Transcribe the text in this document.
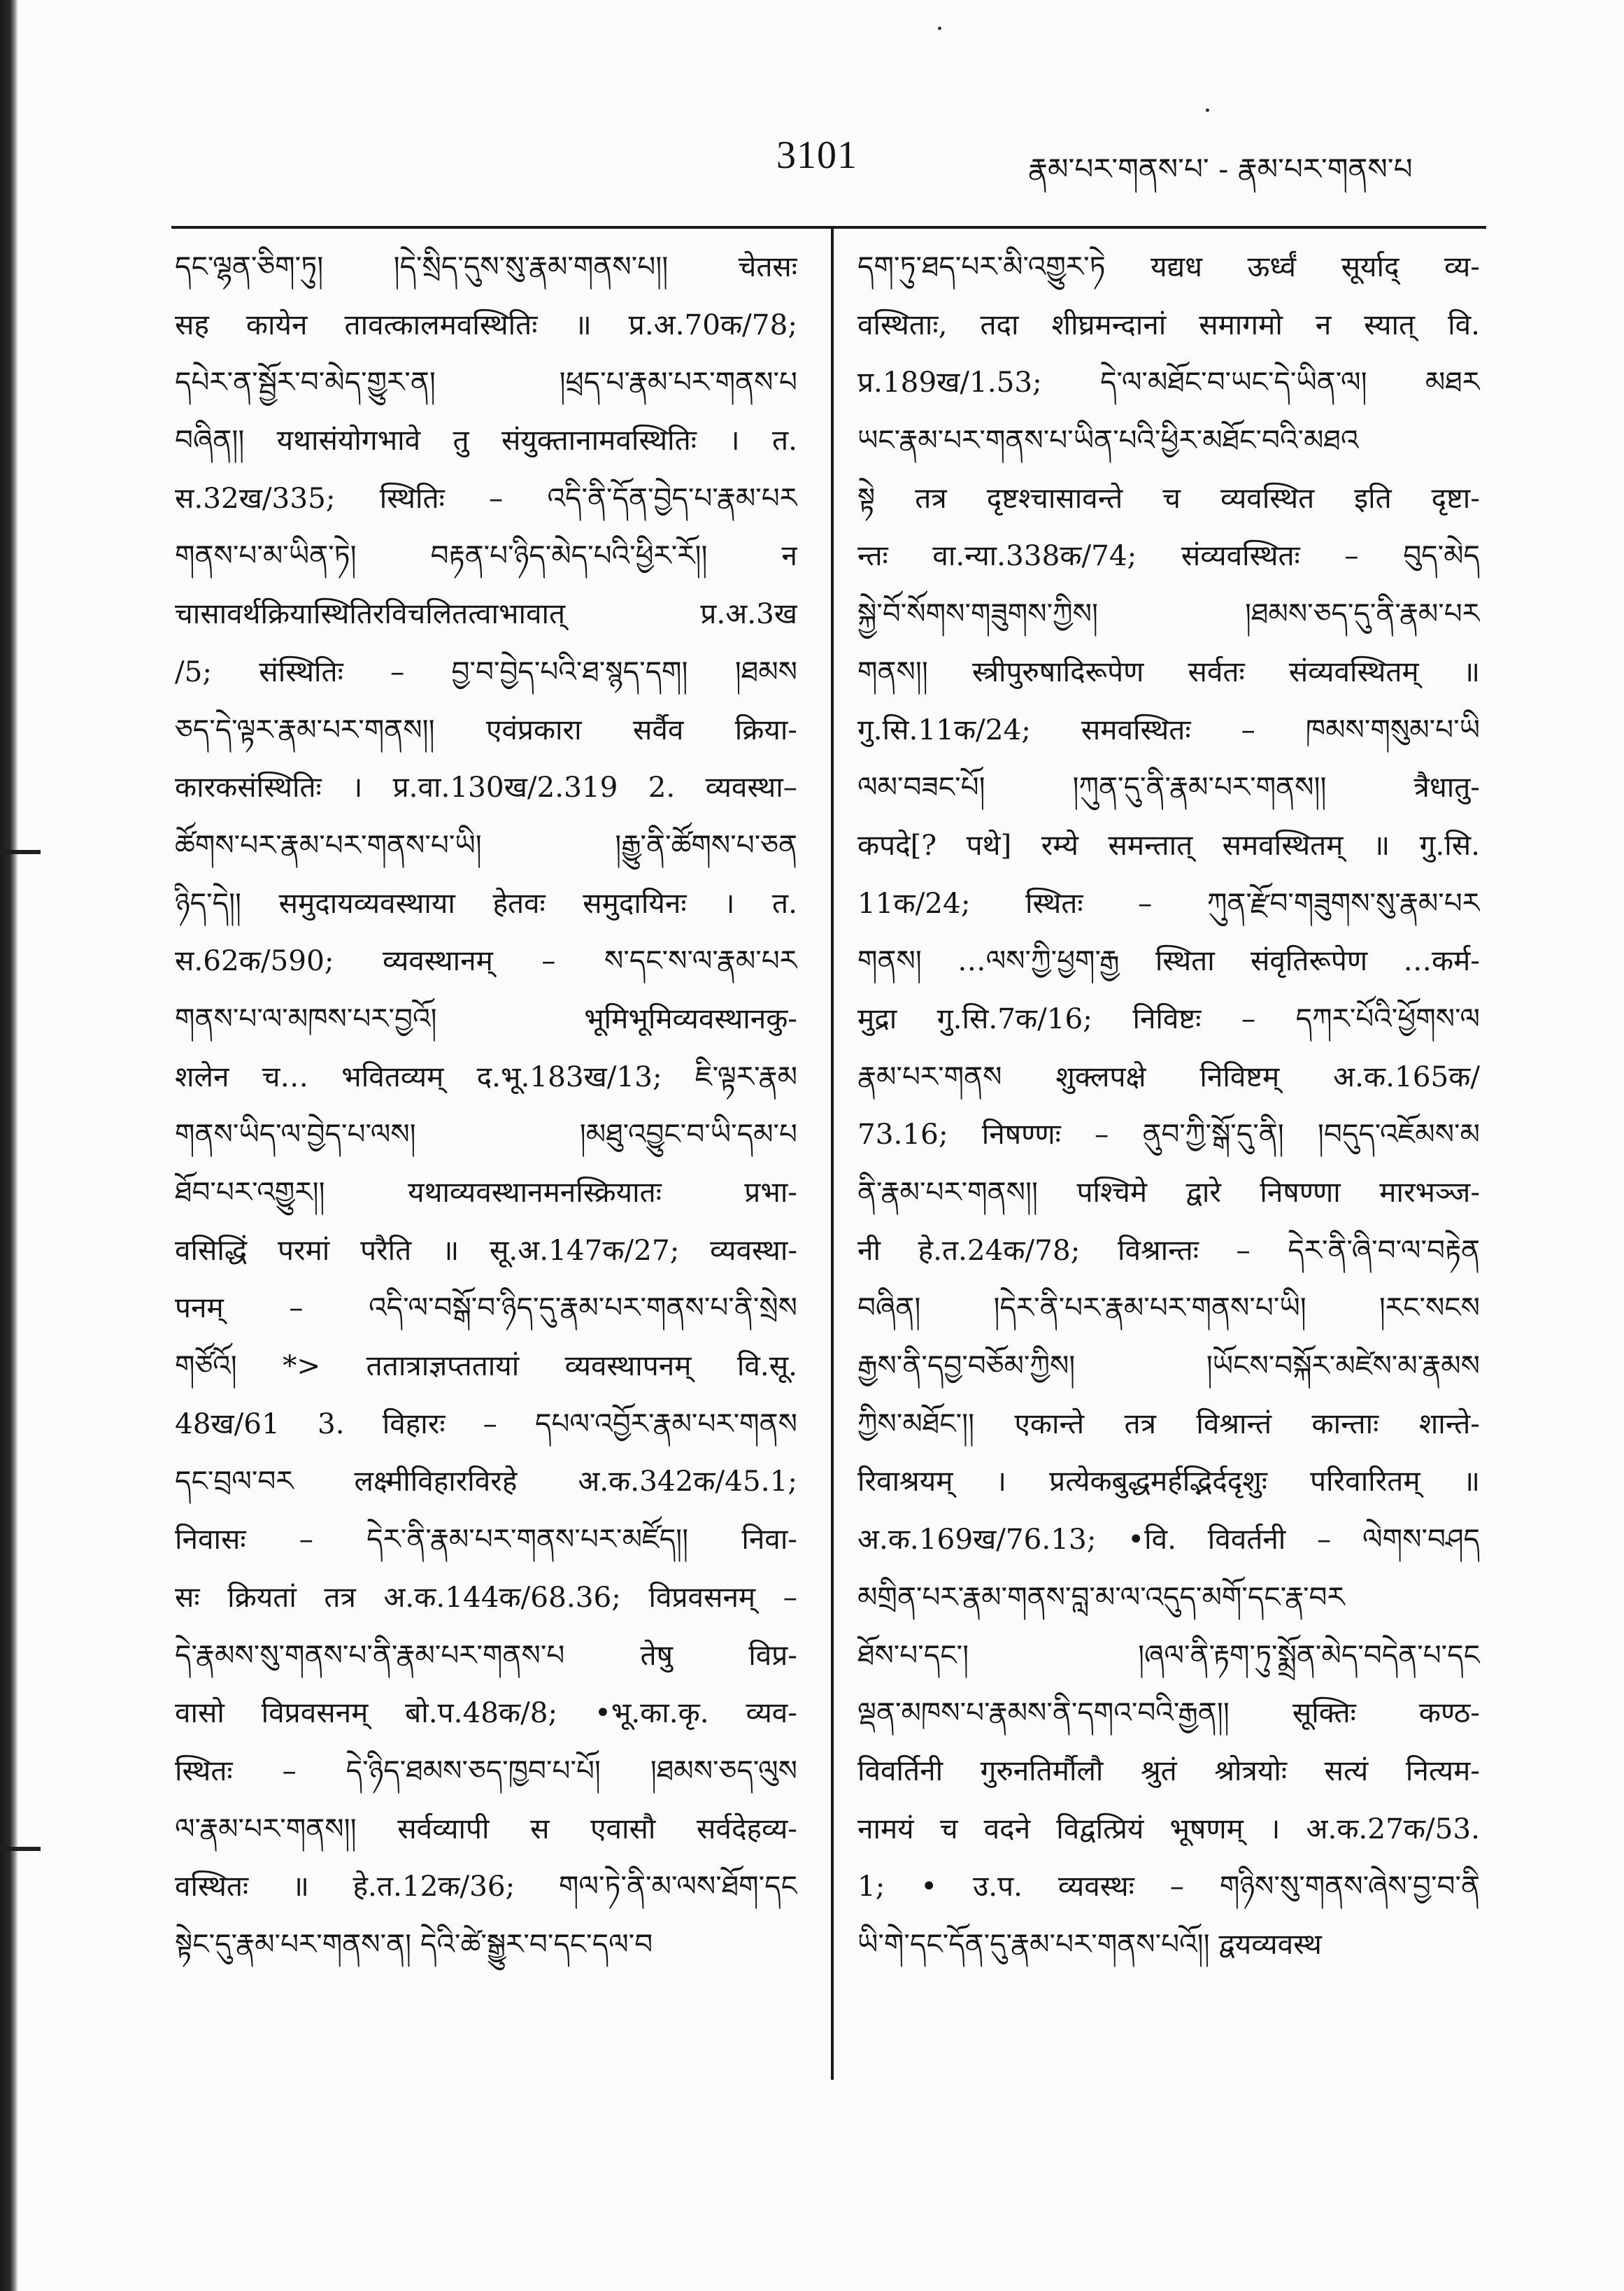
3101	རྣམ་པར་གནས་པ་ - རྣམ་པར་གནས་པ
དང་ལྷན་ཅིག་ཏུ། །དེ་སྲིད་དུས་སུ་རྣམ་གནས་པ།། चेतसः
सह कायेन तावत्कालमवस्थितिः ॥ प्र.अ.70क/78;
དཔེར་ན་སྦྱོར་བ་མེད་གྱུར་ན། །ཕྲད་པ་རྣམ་པར་གནས་པ
བཞིན།། यथासंयोगभावे तु संयुक्तानामवस्थितिः । त.
स.32ख/335; स्थितिः – འདི་ནི་དོན་བྱེད་པ་རྣམ་པར
གནས་པ་མ་ཡིན་ཏེ། བརྟན་པ་ཉིད་མེད་པའི་ཕྱིར་རོ།། न
चासावर्थक्रियास्थितिरविचलितत्वाभावात् प्र.अ.3ख
/5; संस्थितिः – བྱ་བ་བྱེད་པའི་ཐ་སྙད་དག། །ཐམས
ཅད་དེ་ལྟར་རྣམ་པར་གནས།། एवंप्रकारा सर्वैव क्रिया-
कारकसंस्थितिः । प्र.वा.130ख/2.319 2. व्यवस्था–
ཚོགས་པར་རྣམ་པར་གནས་པ་ཡི། །རྒྱུ་ནི་ཚོགས་པ་ཅན
ཉིད་དེ།། समुदायव्यवस्थाया हेतवः समुदायिनः । त.
स.62क/590; व्यवस्थानम् – ས་དང་ས་ལ་རྣམ་པར
གནས་པ་ལ་མཁས་པར་བྱའོ། भूमिभूमिव्यवस्थानकु-
शलेन च… भवितव्यम् द.भू.183ख/13; ཇི་ལྟར་རྣམ
གནས་ཡིད་ལ་བྱེད་པ་ལས། །མཐུ་འབྱུང་བ་ཡི་དམ་པ
ཐོབ་པར་འགྱུར།། यथाव्यवस्थानमनस्क्रियातः प्रभा-
वसिद्धिं परमां परैति ॥ सू.अ.147क/27; व्यवस्था-
पनम् – འདི་ལ་བསྒོ་བ་ཉིད་དུ་རྣམ་པར་གནས་པ་ནི་སྲེས
གཙོའོ། *> ततात्राज्ञप्ततायां व्यवस्थापनम् वि.सू.
48ख/61 3. विहारः – དཔལ་འབྱོར་རྣམ་པར་གནས
དང་བྲལ་བར लक्ष्मीविहारविरहे अ.क.342क/45.1;
निवासः – དེར་ནི་རྣམ་པར་གནས་པར་མཛོད།། निवा-
सः क्रियतां तत्र अ.क.144क/68.36; विप्रवसनम् –
དེ་རྣམས་སུ་གནས་པ་ནི་རྣམ་པར་གནས་པ तेषु विप्र-
वासो विप्रवसनम् बो.प.48क/8; •भू.का.कृ. व्यव-
स्थितः – དེ་ཉིད་ཐམས་ཅད་ཁྱབ་པ་པོ། །ཐམས་ཅད་ལུས
ལ་རྣམ་པར་གནས།། सर्वव्यापी स एवासौ सर्वदेहव्य-
वस्थितः ॥ हे.त.12क/36; གལ་ཏེ་ནི་མ་ལས་ཐོག་དང
སྟེང་དུ་རྣམ་པར་གནས་ན། དེའི་ཚེ་སྒྱུར་བ་དང་དལ་བ
དག་ཏུ་ཐད་པར་མི་འགྱུར་ཏེ यद्यध ऊर्ध्वं सूर्याद् व्य-
वस्थिताः, तदा शीघ्रमन्दानां समागमो न स्यात् वि.
प्र.189ख/1.53; དེ་ལ་མཐོང་བ་ཡང་དེ་ཡིན་ལ། མཐར
ཡང་རྣམ་པར་གནས་པ་ཡིན་པའི་ཕྱིར་མཐོང་བའི་མཐའ
སྟེ तत्र दृष्टश्चासावन्ते च व्यवस्थित इति दृष्टा-
न्तः वा.न्या.338क/74; संव्यवस्थितः – བུད་མེད
སྐྱེ་བོ་སོགས་གཟུགས་ཀྱིས། །ཐམས་ཅད་དུ་ནི་རྣམ་པར
གནས།། स्त्रीपुरुषादिरूपेण सर्वतः संव्यवस्थितम् ॥
गु.सि.11क/24; समवस्थितः – ཁམས་གསུམ་པ་ཡི
ལམ་བཟང་པོ། །ཀུན་དུ་ནི་རྣམ་པར་གནས།། त्रैधातु-
कपदे[? पथे] रम्ये समन्तात् समवस्थितम् ॥ गु.सि.
11क/24; स्थितः – ཀུན་རྫོབ་གཟུགས་སུ་རྣམ་པར
གནས། …ལས་ཀྱི་ཕྱག་རྒྱ स्थिता संवृतिरूपेण …कर्म-
मुद्रा गु.सि.7क/16; निविष्टः – དཀར་པོའི་ཕྱོགས་ལ
རྣམ་པར་གནས शुक्लपक्षे निविष्टम् अ.क.165क/
73.16; निषण्णः – ནུབ་ཀྱི་སྒོ་དུ་ནི། །བདུད་འཇོམས་མ
ནི་རྣམ་པར་གནས།། पश्चिमे द्वारे निषण्णा मारभञ्ज-
नी हे.त.24क/78; विश्रान्तः – དེར་ནི་ཞི་བ་ལ་བརྟེན
བཞིན། །དེར་ནི་པར་རྣམ་པར་གནས་པ་ཡི། །རང་སངས
རྒྱས་ནི་དབྱ་བཅོམ་ཀྱིས། །ཡོངས་བསྐོར་མཛེས་མ་རྣམས
ཀྱིས་མཐོང་།། एकान्ते तत्र विश्रान्तं कान्ताः शान्ते-
रिवाश्रयम् । प्रत्येकबुद्धमर्हद्भिर्ददृशुः परिवारितम् ॥
अ.क.169ख/76.13; •वि. विवर्तनी – ལེགས་བཤད
མགྲིན་པར་རྣམ་གནས་བླ་མ་ལ་འདུད་མགོ་དང་རྣ་བར
ཐོས་པ་དང་། །ཞལ་ནི་རྟག་ཏུ་སྨྲོན་མེད་བདེན་པ་དང
ལྡན་མཁས་པ་རྣམས་ནི་དགའ་བའི་རྒྱན།། सूक्तिः कण्ठ-
विवर्तिनी गुरुनतिर्मौलौ श्रुतं श्रोत्रयोः सत्यं नित्यम-
नामयं च वदने विद्वत्प्रियं भूषणम् । अ.क.27क/53.
1; • उ.प. व्यवस्थः – གཉིས་སུ་གནས་ཞེས་བྱ་བ་ནི
ཡི་གེ་དང་དོན་དུ་རྣམ་པར་གནས་པའོ།། द्वयव्यवस्थ
